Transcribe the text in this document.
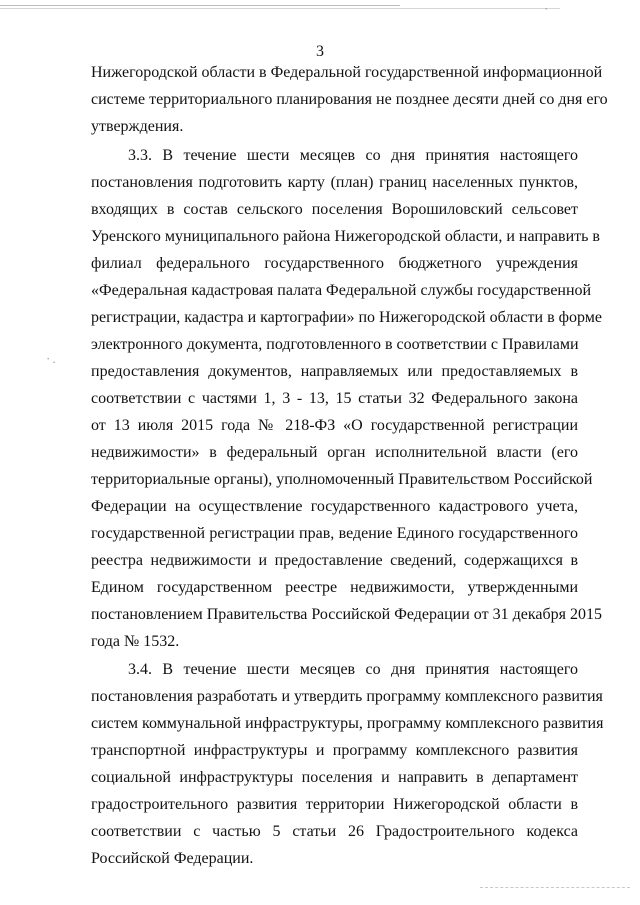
·
·.
3
Нижегородской области в Федеральной государственной информационной
системе территориального планирования не позднее десяти дней со дня его
утверждения.
3.3. В течение шести месяцев со дня принятия настоящего
постановления подготовить карту (план) границ населенных пунктов,
входящих в состав сельского поселения Ворошиловский сельсовет
Уренского муниципального района Нижегородской области, и направить в
филиал федерального государственного бюджетного учреждения
«Федеральная кадастровая палата Федеральной службы государственной
регистрации, кадастра и картографии» по Нижегородской области в форме
электронного документа, подготовленного в соответствии с Правилами
предоставления документов, направляемых или предоставляемых в
соответствии с частями 1, 3 - 13, 15 статьи 32 Федерального закона
от 13 июля 2015 года № 218-ФЗ «О государственной регистрации
недвижимости» в федеральный орган исполнительной власти (его
территориальные органы), уполномоченный Правительством Российской
Федерации на осуществление государственного кадастрового учета,
государственной регистрации прав, ведение Единого государственного
реестра недвижимости и предоставление сведений, содержащихся в
Едином государственном реестре недвижимости, утвержденными
постановлением Правительства Российской Федерации от 31 декабря 2015
года № 1532.
3.4. В течение шести месяцев со дня принятия настоящего
постановления разработать и утвердить программу комплексного развития
систем коммунальной инфраструктуры, программу комплексного развития
транспортной инфраструктуры и программу комплексного развития
социальной инфраструктуры поселения и направить в департамент
градостроительного развития территории Нижегородской области в
соответствии с частью 5 статьи 26 Градостроительного кодекса
Российской Федерации.
